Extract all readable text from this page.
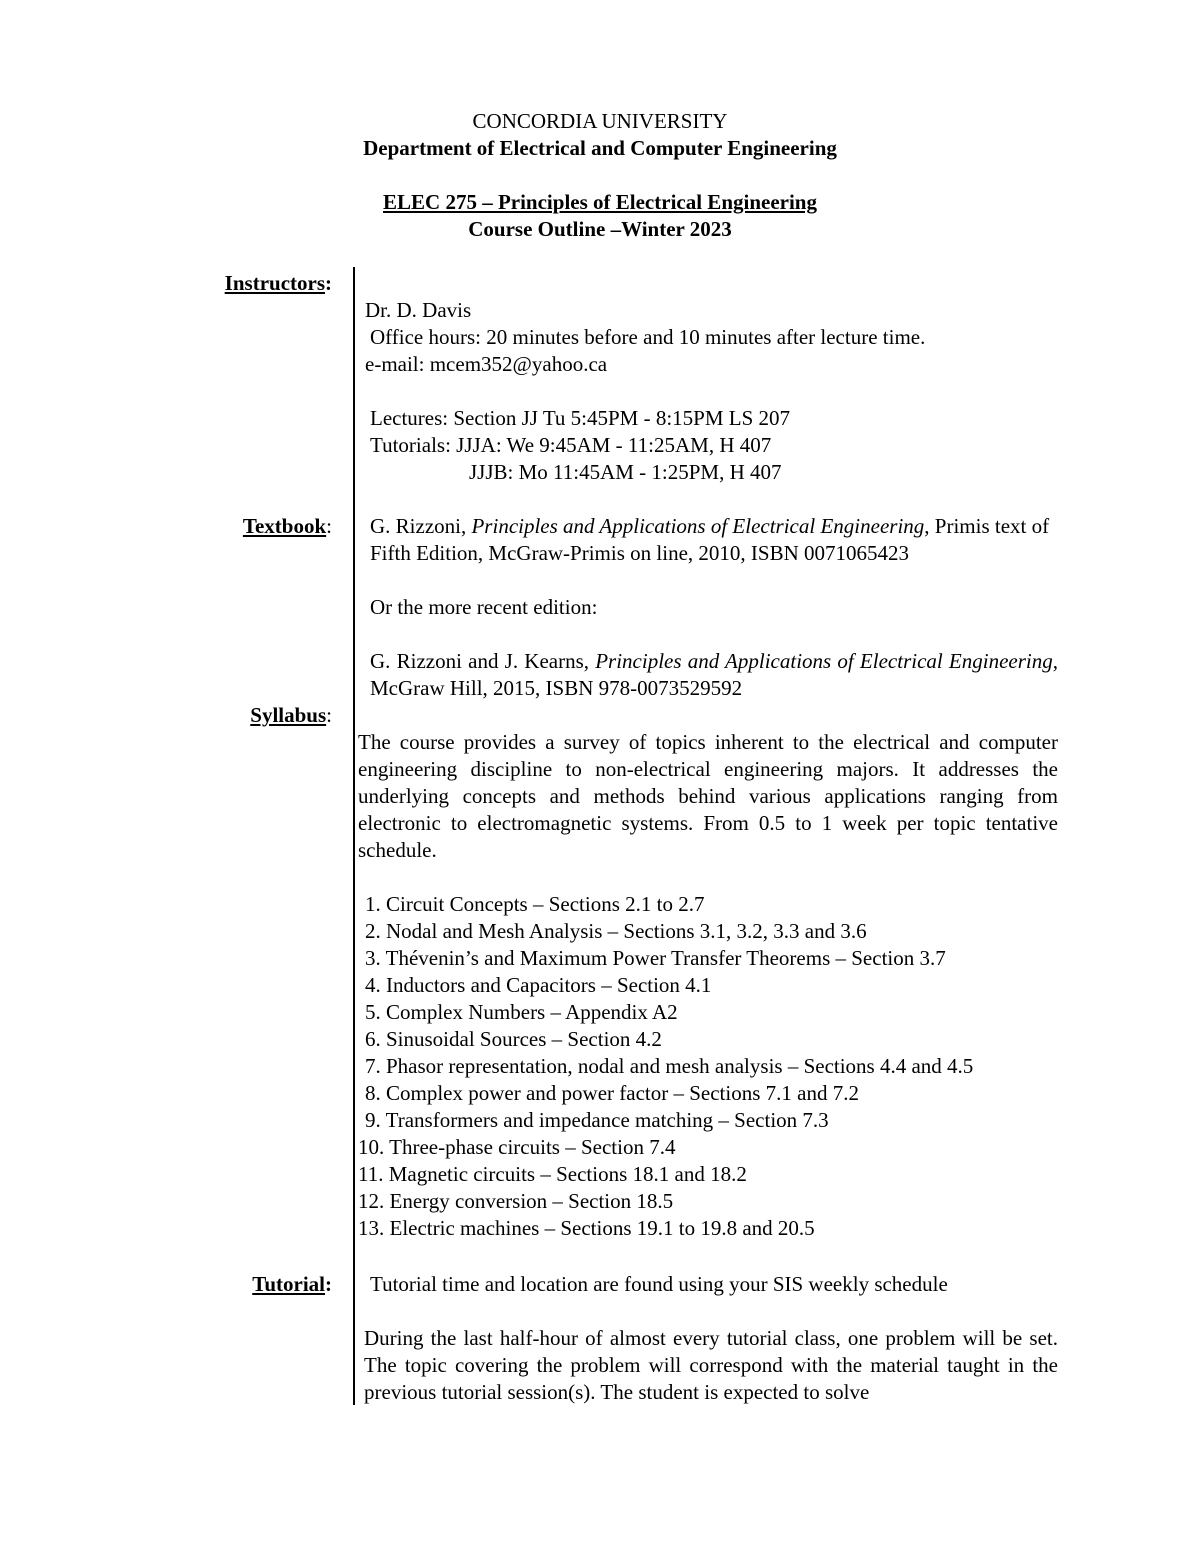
CONCORDIA UNIVERSITY
Department of Electrical and Computer Engineering
ELEC 275 – Principles of Electrical Engineering
Course Outline –Winter 2023
Instructors:
Textbook:
Syllabus:
Tutorial:
Dr. D. Davis
Office hours: 20 minutes before and 10 minutes after lecture time.
e-mail: mcem352@yahoo.ca
Lectures: Section JJ Tu 5:45PM - 8:15PM LS 207
Tutorials: JJJA: We 9:45AM - 11:25AM, H 407
JJJB: Mo 11:45AM - 1:25PM, H 407
G. Rizzoni, Principles and Applications of Electrical Engineering, Primis text of Fifth Edition, McGraw-Primis on line, 2010, ISBN 0071065423
Or the more recent edition:
G. Rizzoni and J. Kearns, Principles and Applications of Electrical Engineering, McGraw Hill, 2015, ISBN 978-0073529592
The course provides a survey of topics inherent to the electrical and computer engineering discipline to non-electrical engineering majors. It addresses the underlying concepts and methods behind various applications ranging from electronic to electromagnetic systems. From 0.5 to 1 week per topic tentative schedule.
1. Circuit Concepts – Sections 2.1 to 2.7
2. Nodal and Mesh Analysis – Sections 3.1, 3.2, 3.3 and 3.6
3. Thévenin’s and Maximum Power Transfer Theorems – Section 3.7
4. Inductors and Capacitors – Section 4.1
5. Complex Numbers – Appendix A2
6. Sinusoidal Sources – Section 4.2
7. Phasor representation, nodal and mesh analysis – Sections 4.4 and 4.5
8. Complex power and power factor – Sections 7.1 and 7.2
9. Transformers and impedance matching – Section 7.3
10. Three-phase circuits – Section 7.4
11. Magnetic circuits – Sections 18.1 and 18.2
12. Energy conversion – Section 18.5
13. Electric machines – Sections 19.1 to 19.8 and 20.5
Tutorial time and location are found using your SIS weekly schedule
During the last half-hour of almost every tutorial class, one problem will be set. The topic covering the problem will correspond with the material taught in the previous tutorial session(s). The student is expected to solve
